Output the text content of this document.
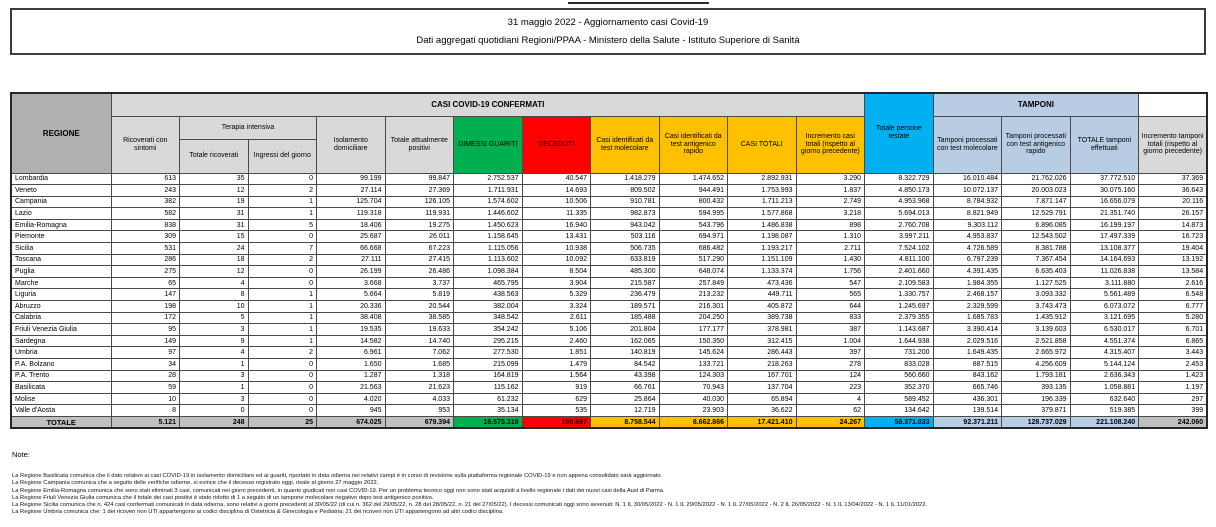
31 maggio 2022 - Aggiornamento casi Covid-19
Dati aggregati quotidiani Regioni/PPAA - Ministero della Salute - Istituto Superiore di Sanità
REGIONE	CASI COVID-19 CONFERMATI											Totale persone testate	TAMPONI			
	Ricoverati con sintomi	Terapia intensiva		Isolamento domiciliare	Totale attualmente positivi	DIMESSI GUARITI	DECEDUTI	Casi identificati da test molecolare	Casi identificati da test antigenico rapido	CASI TOTALI	Incremento casi totali (rispetto al giorno precedente)		Tamponi processati con test molecolare	Tamponi processati con test antigenico rapido	TOTALE tamponi effettuati	Incremento tamponi totali (rispetto al giorno precedente)
		Totale ricoverati	Ingressi del giorno													
Lombardia	613	35	0	99.199	99.847	2.752.537	40.547	1.418.279	1.474.652	2.892.931	3.290	8.322.729	16.010.484	21.762.026	37.772.510	37.369
Veneto	243	12	2	27.114	27.369	1.711.931	14.693	809.502	944.491	1.753.993	1.837	4.850.173	10.072.137	20.003.023	30.075.160	36.643
Campania	382	19	1	125.704	126.105	1.574.602	10.506	910.781	800.432	1.711.213	2.749	4.953.968	8.784.932	7.871.147	16.656.079	20.116
Lazio	582	31	1	119.318	119.931	1.446.602	11.335	982.873	594.995	1.577.868	3.218	5.694.013	8.821.949	12.529.791	21.351.740	26.157
Emilia-Romagna	838	31	5	18.406	19.275	1.450.623	16.940	943.042	543.796	1.486.838	898	2.760.708	9.303.112	6.896.085	16.199.197	14.873
Piemonte	309	15	0	25.687	26.011	1.158.645	13.431	503.116	694.971	1.198.087	1.310	3.997.211	4.953.837	12.543.502	17.497.339	16.723
Sicilia	531	24	7	66.668	67.223	1.115.056	10.938	506.735	686.482	1.193.217	2.711	7.524.102	4.726.589	8.381.788	13.108.377	19.404
Toscana	286	18	2	27.111	27.415	1.113.602	10.092	633.819	517.290	1.151.109	1.430	4.811.100	6.797.239	7.367.454	14.164.693	13.192
Puglia	275	12	0	26.199	26.486	1.098.384	8.504	485.300	648.074	1.133.374	1.756	2.401.660	4.391.435	6.635.403	11.026.838	13.584
Marche	65	4	0	3.668	3.737	465.795	3.904	215.587	257.849	473.436	547	2.109.583	1.984.355	1.127.525	3.111.880	2.616
Liguria	147	8	1	5.664	5.819	438.563	5.329	236.479	213.232	449.711	565	1.330.757	2.468.157	3.093.332	5.561.489	6.548
Abruzzo	198	10	1	20.336	20.544	382.004	3.324	189.571	216.301	405.872	644	1.245.697	2.329.599	3.743.473	6.073.072	6.777
Calabria	172	5	1	38.408	38.585	348.542	2.611	185.488	204.250	389.738	833	2.379.355	1.685.783	1.435.912	3.121.695	5.280
Friuli Venezia Giulia	95	3	1	19.535	19.633	354.242	5.106	201.804	177.177	378.981	387	1.143.687	3.390.414	3.139.603	6.530.017	6.701
Sardegna	149	9	1	14.582	14.740	295.215	2.460	162.065	150.350	312.415	1.004	1.644.938	2.029.516	2.521.858	4.551.374	6.865
Umbria	97	4	2	6.961	7.062	277.530	1.851	140.819	145.624	286.443	397	731.200	1.649.435	2.665.972	4.315.407	3.443
P.A. Bolzano	34	1	0	1.650	1.685	215.099	1.479	84.542	133.721	218.263	278	833.028	887.515	4.256.609	5.144.124	2.453
P.A. Trento	28	3	0	1.287	1.318	164.819	1.564	43.398	124.303	167.701	124	560.660	843.162	1.793.181	2.636.343	1.423
Basilicata	59	1	0	21.563	21.623	115.162	919	66.761	70.943	137.704	223	352.370	665.746	393.135	1.058.881	1.197
Molise	10	3	0	4.020	4.033	61.232	629	25.864	40.030	65.894	4	589.452	436.301	196.339	632.640	297
Valle d'Aosta	8	0	0	945	953	35.134	535	12.719	23.903	36.622	62	134.642	139.514	379.871	519.385	399
TOTALE	5.121	248	25	674.025	679.394	16.575.319	166.697	8.758.544	8.662.866	17.421.410	24.267	58.371.033	92.371.211	128.737.029	221.108.240	242.060
Note:
La Regione Basilicata comunica che il dato relativo ai casi COVID-19 in isolamento domiciliare ed ai guariti, riportato in data odierna nei relativi campi è in corso di revisione sulla piattaforma regionale COVID-19 e non appena consolidato sarà aggiornato.
La Regione Campania comunica che a seguito delle verifiche odierne, si evince che il decesso registrato oggi, risale al giorno 27 maggio 2022.
La Regione Emilia-Romagna comunica che sono stati eliminati 3 casi, comunicati nei giorni precedenti, in quanto giudicati non casi COVID-19. Per un problema tecnico oggi non sono stati acquisiti a livello regionale i dati dei nuovi casi della Ausl di Parma.
La Regione Friuli Venezia Giulia comunica che il totale dei casi positivi è stato ridotto di 1 a seguito di un tampone molecolare negativo dopo test antigenico positivo.
La Regione Sicilia comunica che n. 424 casi confermati comunicati in data odierna, sono relativi a giorni precedenti al 30/05/22 (di cui n. 362 del 29/05/22, n. 28 del 28/05/22, n. 21 del 27/05/22). I decessi comunicati oggi sono avvenuti: N. 1 IL 30/05/2022 - N. 1 IL 29/05/2022 - N. 1 IL 27/05/2022 - N. 2 IL 26/05/2022 - N. 1 IL 13/04/2022 - N. 1 IL 11/01/2022.
La Regione Umbria comunica che: 1 dei ricoveri non UTI appartengono ai codici disciplina di Ostetricia & Ginecologia e Pediatria; 21 dei ricoveri non UTI appartengono ad altri codici disciplina.
